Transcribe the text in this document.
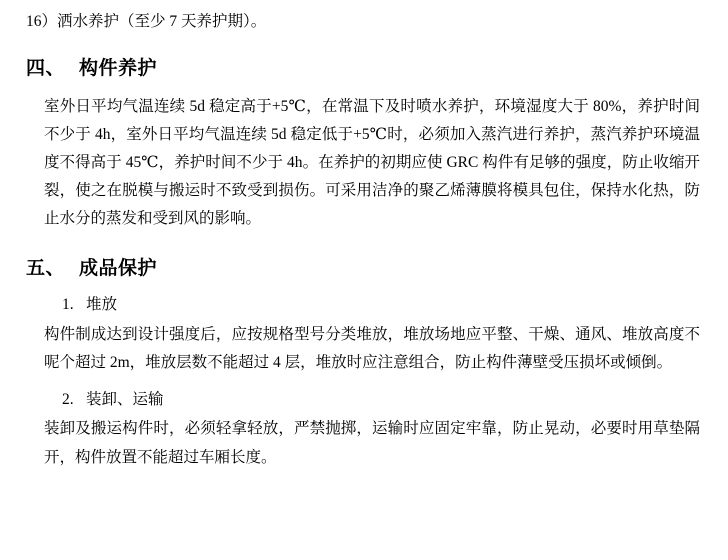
16）洒水养护（至少 7 天养护期）。

四、 构件养护

室外日平均气温连续 5d 稳定高于+5℃，在常温下及时喷水养护，环境湿度大于 80%，养护时间不少于 4h，室外日平均气温连续 5d 稳定低于+5℃时，必须加入蒸汽进行养护，蒸汽养护环境温度不得高于 45℃，养护时间不少于 4h。在养护的初期应使 GRC 构件有足够的强度，防止收缩开裂，使之在脱模与搬运时不致受到损伤。可采用洁净的聚乙烯薄膜将模具包住，保持水化热，防止水分的蒸发和受到风的影响。

五、 成品保护

1. 堆放

构件制成达到设计强度后，应按规格型号分类堆放，堆放场地应平整、干燥、通风、堆放高度不呢个超过 2m，堆放层数不能超过 4 层，堆放时应注意组合，防止构件薄壁受压损坏或倾倒。

2. 装卸、运输

装卸及搬运构件时，必须轻拿轻放，严禁抛掷，运输时应固定牢靠，防止晃动，必要时用草垫隔开，构件放置不能超过车厢长度。
